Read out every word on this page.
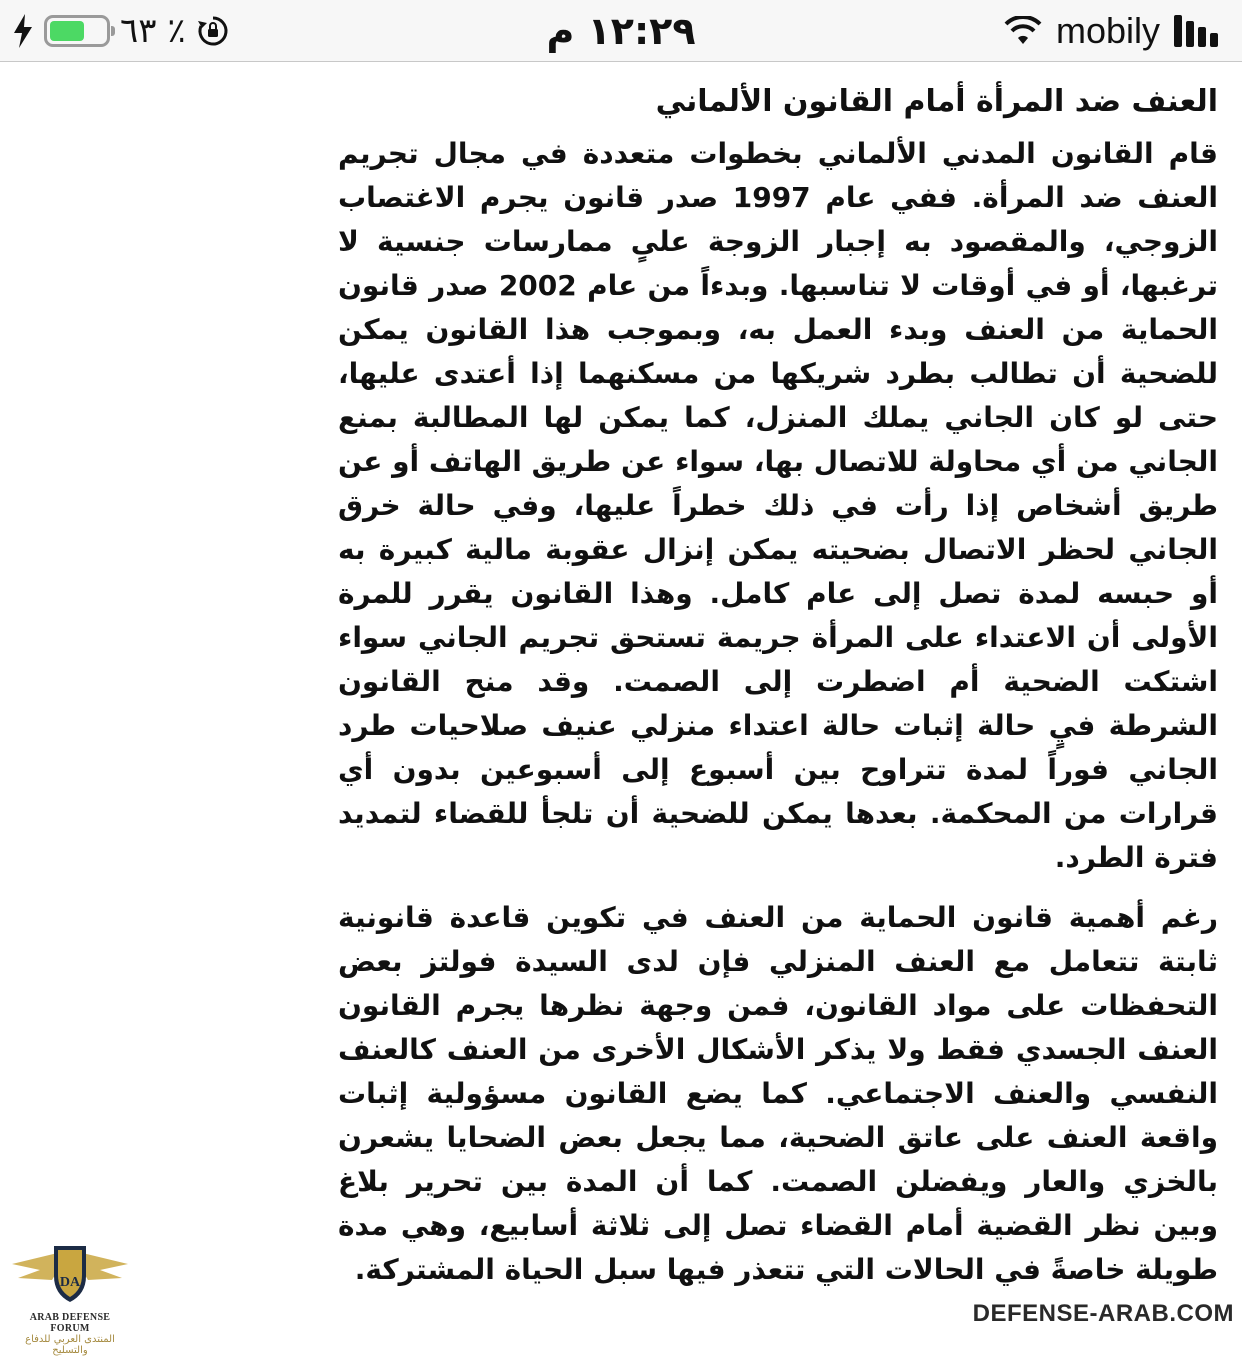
٪ ٦٣	١٢:٢٩ م	mobily
العنف ضد المرأة أمام القانون الألماني

قام القانون المدني الألماني بخطوات متعددة في مجال تجريم العنف ضد المرأة. ففي عام 1997 صدر قانون يجرم الاغتصاب الزوجي، والمقصود به إجبار الزوجة علىٍ ممارسات جنسية لا ترغبها، أو في أوقات لا تناسبها. وبدءاً من عام 2002 صدر قانون الحماية من العنف وبدء العمل به، وبموجب هذا القانون يمكن للضحية أن تطالب بطرد شريكها من مسكنهما إذا أعتدى عليها، حتى لو كان الجاني يملك المنزل، كما يمكن لها المطالبة بمنع الجاني من أي محاولة للاتصال بها، سواء عن طريق الهاتف أو عن طريق أشخاص إذا رأت في ذلك خطراً عليها، وفي حالة خرق الجاني لحظر الاتصال بضحيته يمكن إنزال عقوبة مالية كبيرة به أو حبسه لمدة تصل إلى عام كامل. وهذا القانون يقرر للمرة الأولى أن الاعتداء على المرأة جريمة تستحق تجريم الجاني سواء اشتكت الضحية أم اضطرت إلى الصمت. وقد منح القانون الشرطة فيٍ حالة إثبات حالة اعتداء منزلي عنيف صلاحيات طرد الجاني فوراً لمدة تتراوح بين أسبوع إلى أسبوعين بدون أي قرارات من المحكمة. بعدها يمكن للضحية أن تلجأ للقضاء لتمديد فترة الطرد.

رغم أهمية قانون الحماية من العنف في تكوين قاعدة قانونية ثابتة تتعامل مع العنف المنزلي فإن لدى السيدة فولتز بعض التحفظات على مواد القانون، فمن وجهة نظرها يجرم القانون العنف الجسدي فقط ولا يذكر الأشكال الأخرى من العنف كالعنف النفسي والعنف الاجتماعي. كما يضع القانون مسؤولية إثبات واقعة العنف على عاتق الضحية، مما يجعل بعض الضحايا يشعرن بالخزي والعار ويفضلن الصمت. كما أن المدة بين تحرير بلاغ وبين نظر القضية أمام القضاء تصل إلى ثلاثة أسابيع، وهي مدة طويلة خاصةً في الحالات التي تتعذر فيها سبل الحياة المشتركة.

DA
ARAB DEFENSE FORUM
المنتدى العربي للدفاع والتسليح
DEFENSE-ARAB.COM
